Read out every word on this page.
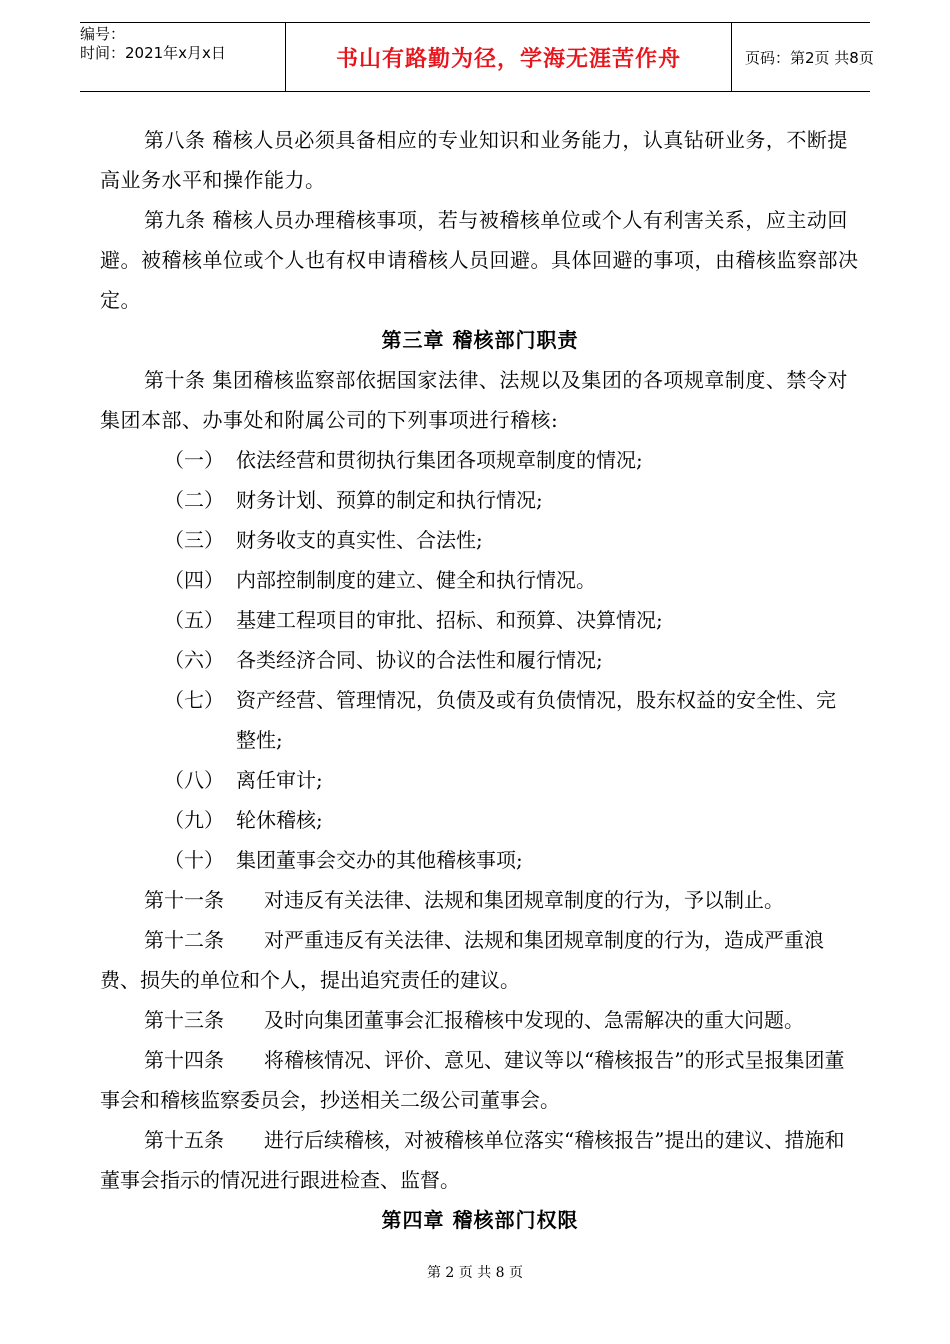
编号：
时间：2021年x月x日	书山有路勤为径，学海无涯苦作舟	页码：第2页 共8页

第八条 稽核人员必须具备相应的专业知识和业务能力，认真钻研业务，不断提高业务水平和操作能力。

第九条 稽核人员办理稽核事项，若与被稽核单位或个人有利害关系，应主动回避。被稽核单位或个人也有权申请稽核人员回避。具体回避的事项，由稽核监察部决定。

第三章 稽核部门职责

第十条 集团稽核监察部依据国家法律、法规以及集团的各项规章制度、禁令对集团本部、办事处和附属公司的下列事项进行稽核:

（一） 依法经营和贯彻执行集团各项规章制度的情况;
（二） 财务计划、预算的制定和执行情况;
（三） 财务收支的真实性、合法性;
（四） 内部控制制度的建立、健全和执行情况。
（五） 基建工程项目的审批、招标、和预算、决算情况;
（六） 各类经济合同、协议的合法性和履行情况;
（七） 资产经营、管理情况，负债及或有负债情况，股东权益的安全性、完整性;
（八） 离任审计;
（九） 轮休稽核;
（十） 集团董事会交办的其他稽核事项;

第十一条 对违反有关法律、法规和集团规章制度的行为，予以制止。

第十二条 对严重违反有关法律、法规和集团规章制度的行为，造成严重浪费、损失的单位和个人，提出追究责任的建议。

第十三条 及时向集团董事会汇报稽核中发现的、急需解决的重大问题。

第十四条 将稽核情况、评价、意见、建议等以“稽核报告”的形式呈报集团董事会和稽核监察委员会，抄送相关二级公司董事会。

第十五条 进行后续稽核，对被稽核单位落实“稽核报告”提出的建议、措施和董事会指示的情况进行跟进检查、监督。

第四章 稽核部门权限

第 2 页 共 8 页
